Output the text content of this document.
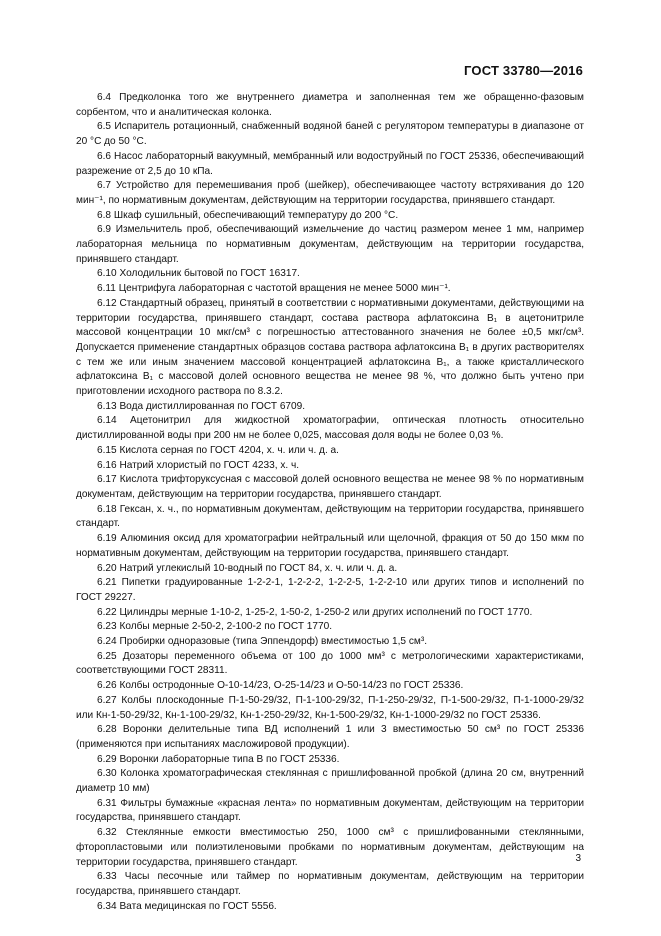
ГОСТ 33780—2016

6.4 Предколонка того же внутреннего диаметра и заполненная тем же обращенно-фазовым сорбентом, что и аналитическая колонка.

6.5 Испаритель ротационный, снабженный водяной баней с регулятором температуры в диапазоне от 20 °С до 50 °С.

6.6 Насос лабораторный вакуумный, мембранный или водоструйный по ГОСТ 25336, обеспечивающий разрежение от 2,5 до 10 кПа.

6.7 Устройство для перемешивания проб (шейкер), обеспечивающее частоту встряхивания до 120 мин⁻¹, по нормативным документам, действующим на территории государства, принявшего стандарт.

6.8 Шкаф сушильный, обеспечивающий температуру до 200 °С.

6.9 Измельчитель проб, обеспечивающий измельчение до частиц размером менее 1 мм, например лабораторная мельница по нормативным документам, действующим на территории государства, принявшего стандарт.

6.10 Холодильник бытовой по ГОСТ 16317.

6.11 Центрифуга лабораторная с частотой вращения не менее 5000 мин⁻¹.

6.12 Стандартный образец, принятый в соответствии с нормативными документами, действующими на территории государства, принявшего стандарт, состава раствора афлатоксина B₁ в ацетонитриле массовой концентрации 10 мкг/см³ с погрешностью аттестованного значения не более ±0,5 мкг/см³. Допускается применение стандартных образцов состава раствора афлатоксина B₁ в других растворителях с тем же или иным значением массовой концентрацией афлатоксина B₁, а также кристаллического афлатоксина B₁ с массовой долей основного вещества не менее 98 %, что должно быть учтено при приготовлении исходного раствора по 8.3.2.

6.13 Вода дистиллированная по ГОСТ 6709.

6.14 Ацетонитрил для жидкостной хроматографии, оптическая плотность относительно дистиллированной воды при 200 нм не более 0,025, массовая доля воды не более 0,03 %.

6.15 Кислота серная по ГОСТ 4204, х. ч. или ч. д. а.

6.16 Натрий хлористый по ГОСТ 4233, х. ч.

6.17 Кислота трифторуксусная с массовой долей основного вещества не менее 98 % по нормативным документам, действующим на территории государства, принявшего стандарт.

6.18 Гексан, х. ч., по нормативным документам, действующим на территории государства, принявшего стандарт.

6.19 Алюминия оксид для хроматографии нейтральный или щелочной, фракция от 50 до 150 мкм по нормативным документам, действующим на территории государства, принявшего стандарт.

6.20 Натрий углекислый 10-водный по ГОСТ 84, х. ч. или ч. д. а.

6.21 Пипетки градуированные 1-2-2-1, 1-2-2-2, 1-2-2-5, 1-2-2-10 или других типов и исполнений по ГОСТ 29227.

6.22 Цилиндры мерные 1-10-2, 1-25-2, 1-50-2, 1-250-2 или других исполнений по ГОСТ 1770.

6.23 Колбы мерные 2-50-2, 2-100-2 по ГОСТ 1770.

6.24 Пробирки одноразовые (типа Эппендорф) вместимостью 1,5 см³.

6.25 Дозаторы переменного объема от 100 до 1000 мм³ с метрологическими характеристиками, соответствующими ГОСТ 28311.

6.26 Колбы остродонные О-10-14/23, О-25-14/23 и О-50-14/23 по ГОСТ 25336.

6.27 Колбы плоскодонные П-1-50-29/32, П-1-100-29/32, П-1-250-29/32, П-1-500-29/32, П-1-1000-29/32 или Кн-1-50-29/32, Кн-1-100-29/32, Кн-1-250-29/32, Кн-1-500-29/32, Кн-1-1000-29/32 по ГОСТ 25336.

6.28 Воронки делительные типа ВД исполнений 1 или 3 вместимостью 50 см³ по ГОСТ 25336 (применяются при испытаниях масложировой продукции).

6.29 Воронки лабораторные типа В по ГОСТ 25336.

6.30 Колонка хроматографическая стеклянная с пришлифованной пробкой (длина 20 см, внутренний диаметр 10 мм)

6.31 Фильтры бумажные «красная лента» по нормативным документам, действующим на территории государства, принявшего стандарт.

6.32 Стеклянные емкости вместимостью 250, 1000 см³ с пришлифованными стеклянными, фторопластовыми или полиэтиленовыми пробками по нормативным документам, действующим на территории государства, принявшего стандарт.

6.33 Часы песочные или таймер по нормативным документам, действующим на территории государства, принявшего стандарт.

6.34 Вата медицинская по ГОСТ 5556.

3
